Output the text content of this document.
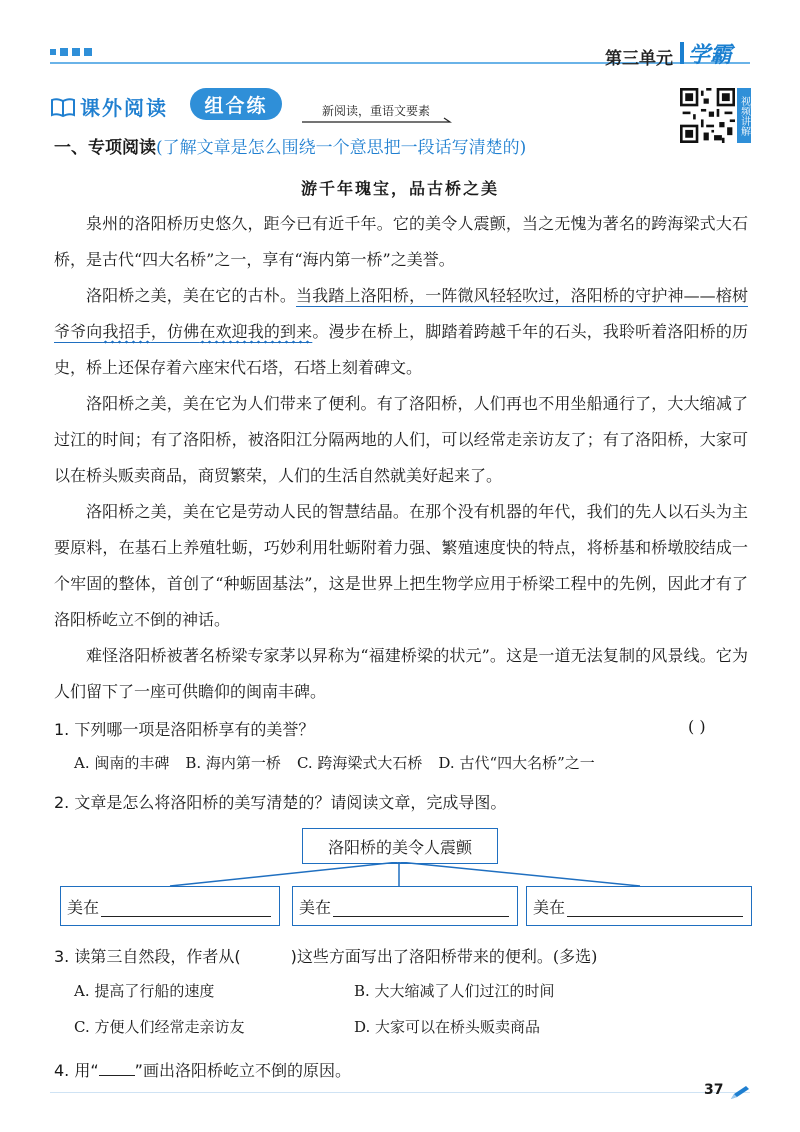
第三单元 学霸
课外阅读	组合练	新阅读，重语文要素	视频讲解
一、专项阅读(了解文章是怎么围绕一个意思把一段话写清楚的)
游千年瑰宝，品古桥之美
泉州的洛阳桥历史悠久，距今已有近千年。它的美令人震颤，当之无愧为著名的跨海梁式大石桥，是古代“四大名桥”之一，享有“海内第一桥”之美誉。
洛阳桥之美，美在它的古朴。当我踏上洛阳桥，一阵微风轻轻吹过，洛阳桥的守护神——榕树爷爷向我招手，仿佛在欢迎我的到来。漫步在桥上，脚踏着跨越千年的石头，我聆听着洛阳桥的历史，桥上还保存着六座宋代石塔，石塔上刻着碑文。
洛阳桥之美，美在它为人们带来了便利。有了洛阳桥，人们再也不用坐船通行了，大大缩减了过江的时间；有了洛阳桥，被洛阳江分隔两地的人们，可以经常走亲访友了；有了洛阳桥，大家可以在桥头贩卖商品，商贸繁荣，人们的生活自然就美好起来了。
洛阳桥之美，美在它是劳动人民的智慧结晶。在那个没有机器的年代，我们的先人以石头为主要原料，在基石上养殖牡蛎，巧妙利用牡蛎附着力强、繁殖速度快的特点，将桥基和桥墩胶结成一个牢固的整体，首创了“种蛎固基法”，这是世界上把生物学应用于桥梁工程中的先例，因此才有了洛阳桥屹立不倒的神话。
难怪洛阳桥被著名桥梁专家茅以昇称为“福建桥梁的状元”。这是一道无法复制的风景线。它为人们留下了一座可供瞻仰的闽南丰碑。
1. 下列哪一项是洛阳桥享有的美誉？	( )
A. 闽南的丰碑 B. 海内第一桥 C. 跨海梁式大石桥 D. 古代“四大名桥”之一
2. 文章是怎么将洛阳桥的美写清楚的？请阅读文章，完成导图。
洛阳桥的美令人震颤
美在	美在	美在
3. 读第三自然段，作者从(	)这些方面写出了洛阳桥带来的便利。(多选)
A. 提高了行船的速度	B. 大大缩减了人们过江的时间
C. 方便人们经常走亲访友	D. 大家可以在桥头贩卖商品
4. 用“ ”画出洛阳桥屹立不倒的原因。
37
